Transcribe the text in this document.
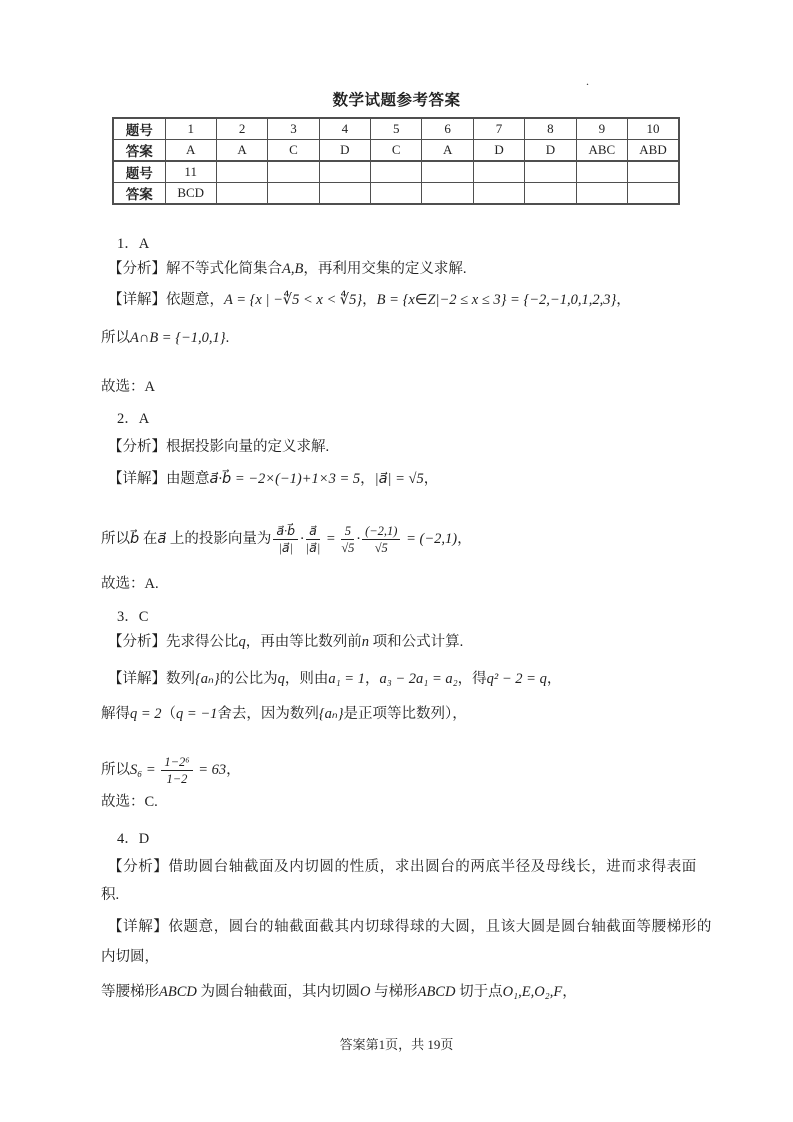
.
数学试题参考答案
题号	1	2	3	4	5	6	7	8	9	10
答案	A	A	C	D	C	A	D	D	ABC	ABD
题号	11									
答案	BCD									
1．A
【分析】解不等式化简集合A,B，再利用交集的定义求解.
【详解】依题意，A = {x | −∜5 < x < ∜5}，B = {x∈Z|−2 ≤ x ≤ 3} = {−2,−1,0,1,2,3}，
所以A∩B = {−1,0,1}.
故选：A
2．A
【分析】根据投影向量的定义求解.
【详解】由题意a⃗·b⃗ = −2×(−1)+1×3 = 5，|a⃗| = √5，
所以b⃗ 在a⃗ 上的投影向量为 $\frac{a⃗\cdot b⃗}{|a⃗|} \cdot \frac{a⃗}{|a⃗|} = \frac{5}{√5} \cdot \frac{(-2,1)}{√5} = (-2,1)$，
故选：A.
3．C
【分析】先求得公比q，再由等比数列前n 项和公式计算.
【详解】数列{aₙ}的公比为q，则由a₁ = 1，a₃ − 2a₁ = a₂，得q² − 2 = q，
解得q = 2（q = −1舍去，因为数列{aₙ}是正项等比数列），
所以$S_6 = \frac{\text{1−2⁶}}{1-2} = 63$，
故选：C.
4．D
【分析】借助圆台轴截面及内切圆的性质，求出圆台的两底半径及母线长，进而求得表面
积.
【详解】依题意，圆台的轴截面截其内切球得球的大圆，且该大圆是圆台轴截面等腰梯形的
内切圆，
等腰梯形ABCD 为圆台轴截面，其内切圆O 与梯形ABCD 切于点O₁,E,O₂,F，
答案第1页，共 19页
